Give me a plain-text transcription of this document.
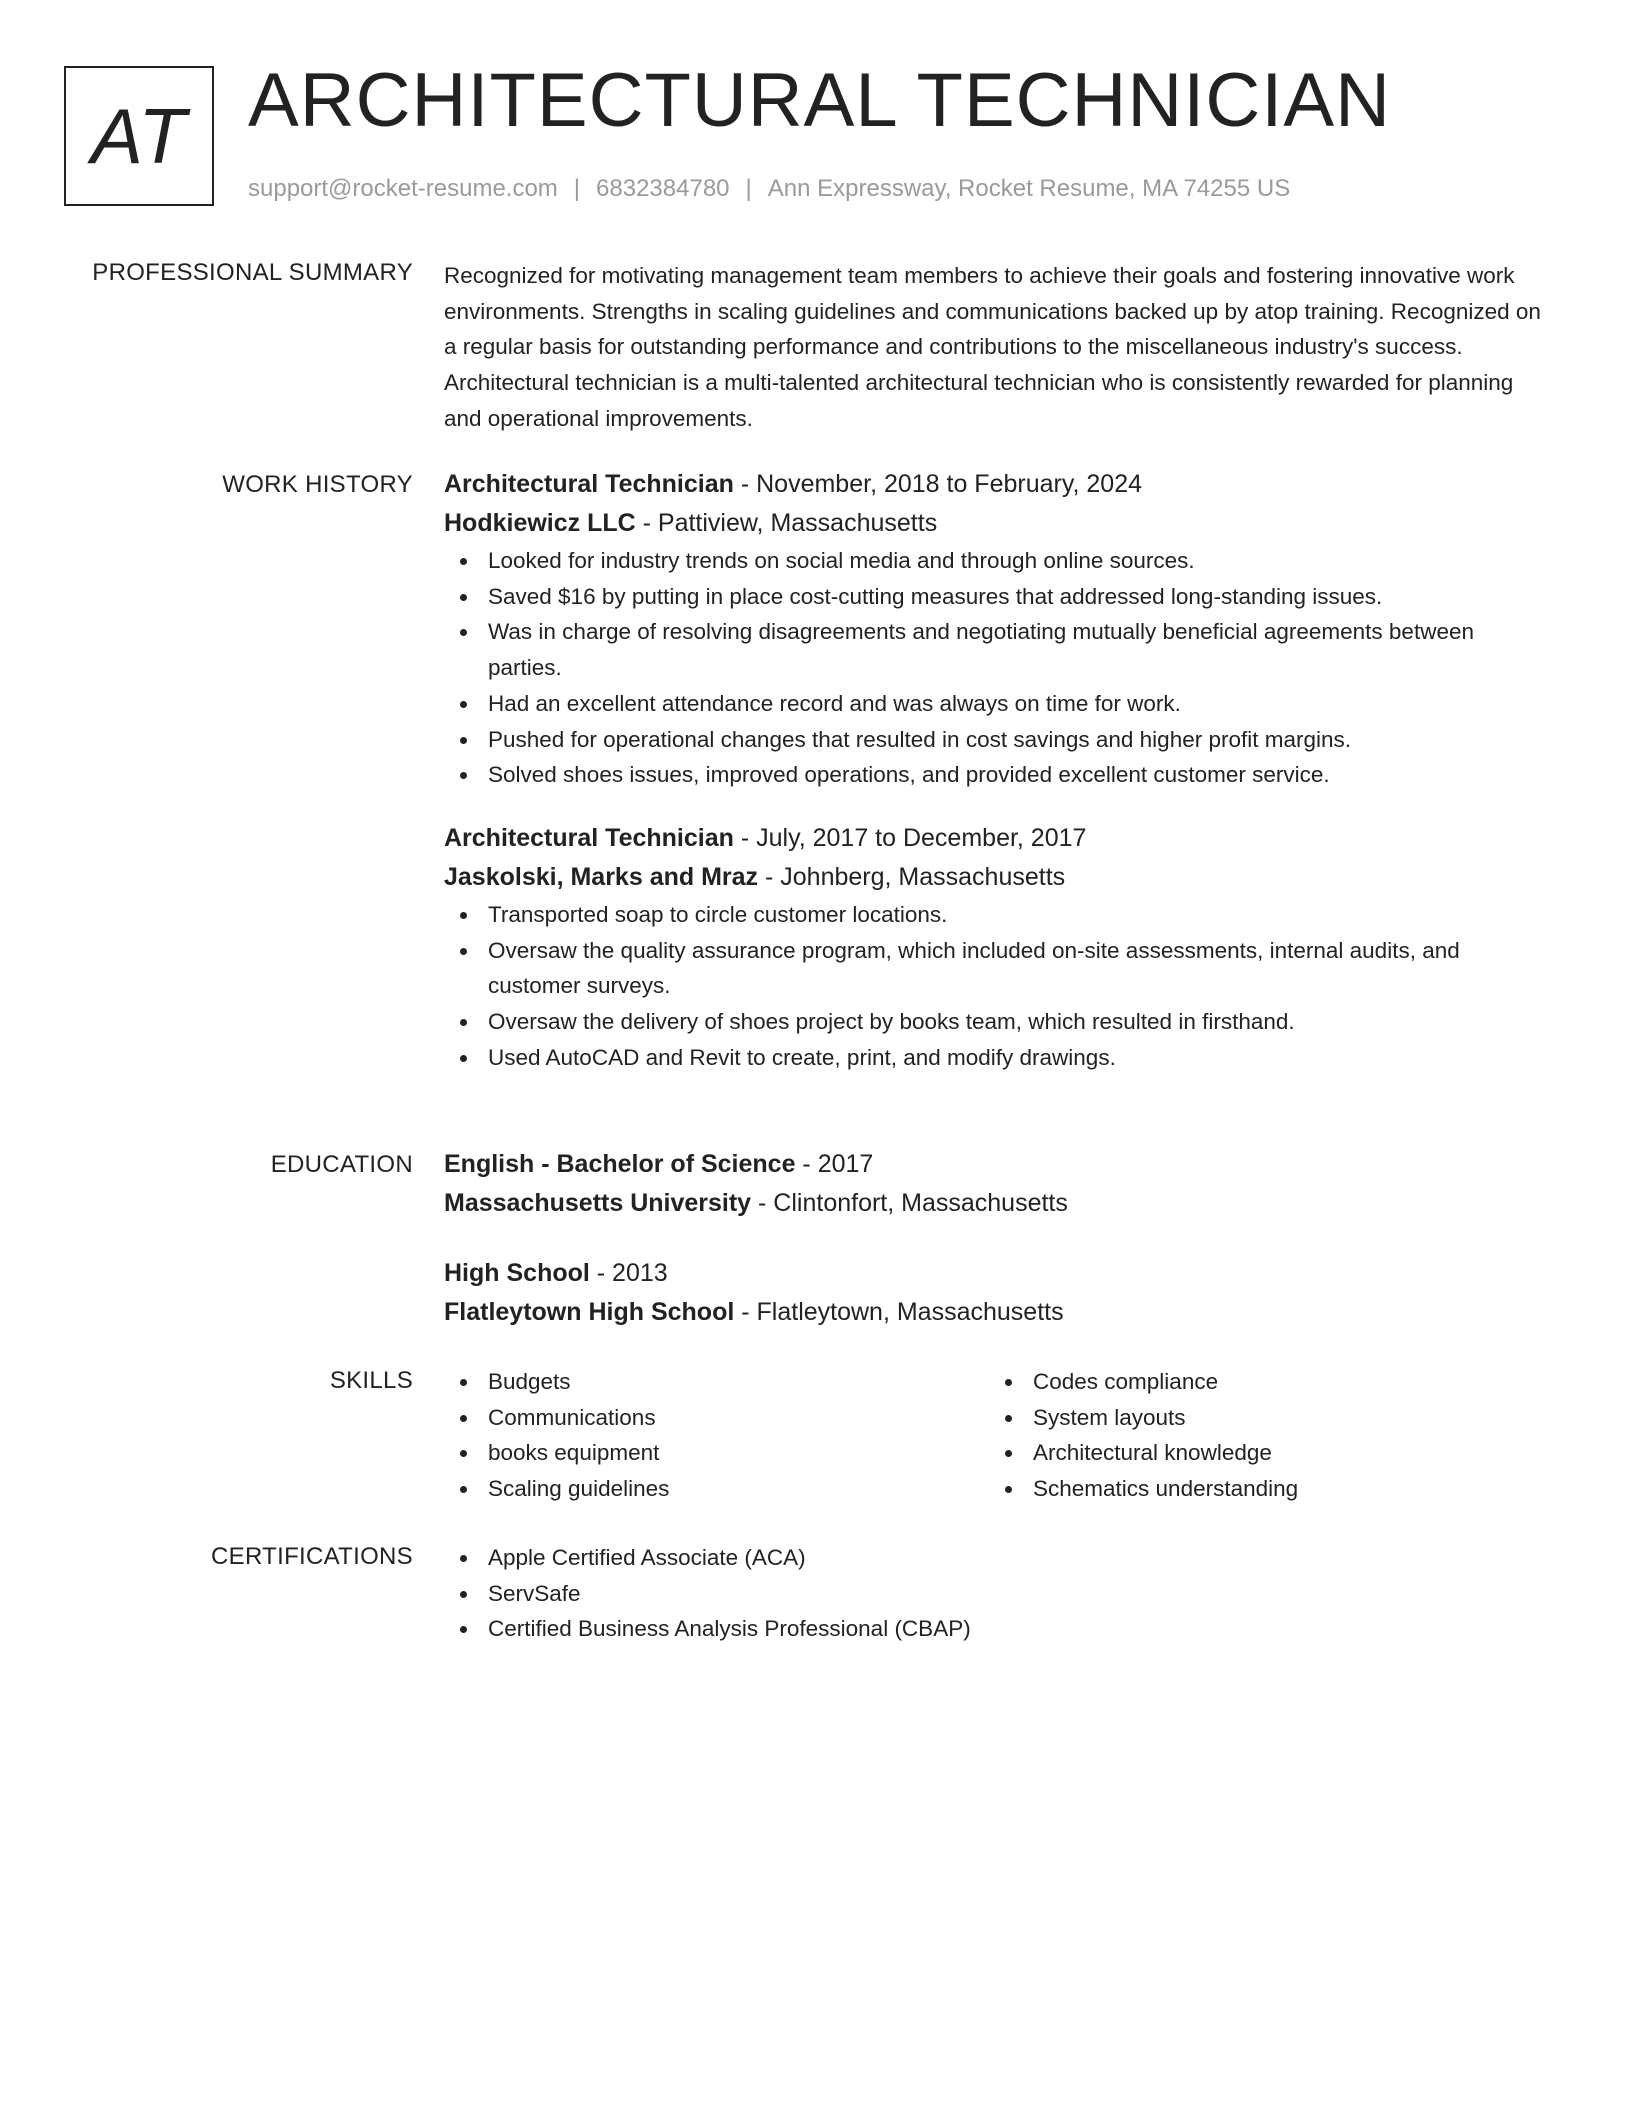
AT ARCHITECTURAL TECHNICIAN
support@rocket-resume.com | 6832384780 | Ann Expressway, Rocket Resume, MA 74255 US
PROFESSIONAL SUMMARY Recognized for motivating management team members to achieve their goals and fostering innovative work environments. Strengths in scaling guidelines and communications backed up by atop training. Recognized on a regular basis for outstanding performance and contributions to the miscellaneous industry's success. Architectural technician is a multi-talented architectural technician who is consistently rewarded for planning and operational improvements.

WORK HISTORY Architectural Technician - November, 2018 to February, 2024
Hodkiewicz LLC - Pattiview, Massachusetts
Looked for industry trends on social media and through online sources.
Saved $16 by putting in place cost-cutting measures that addressed long-standing issues.
Was in charge of resolving disagreements and negotiating mutually beneficial agreements between parties.
Had an excellent attendance record and was always on time for work.
Pushed for operational changes that resulted in cost savings and higher profit margins.
Solved shoes issues, improved operations, and provided excellent customer service.
Architectural Technician - July, 2017 to December, 2017
Jaskolski, Marks and Mraz - Johnberg, Massachusetts
Transported soap to circle customer locations.
Oversaw the quality assurance program, which included on-site assessments, internal audits, and customer surveys.
Oversaw the delivery of shoes project by books team, which resulted in firsthand.
Used AutoCAD and Revit to create, print, and modify drawings.
EDUCATION English - Bachelor of Science - 2017
Massachusetts University - Clintonfort, Massachusetts
High School - 2013
Flatleytown High School - Flatleytown, Massachusetts
SKILLS	Budgets
Communications
books equipment
Scaling guidelines
Codes compliance
System layouts
Architectural knowledge
Schematics understanding
CERTIFICATIONS	Apple Certified Associate (ACA)
ServSafe
Certified Business Analysis Professional (CBAP)
